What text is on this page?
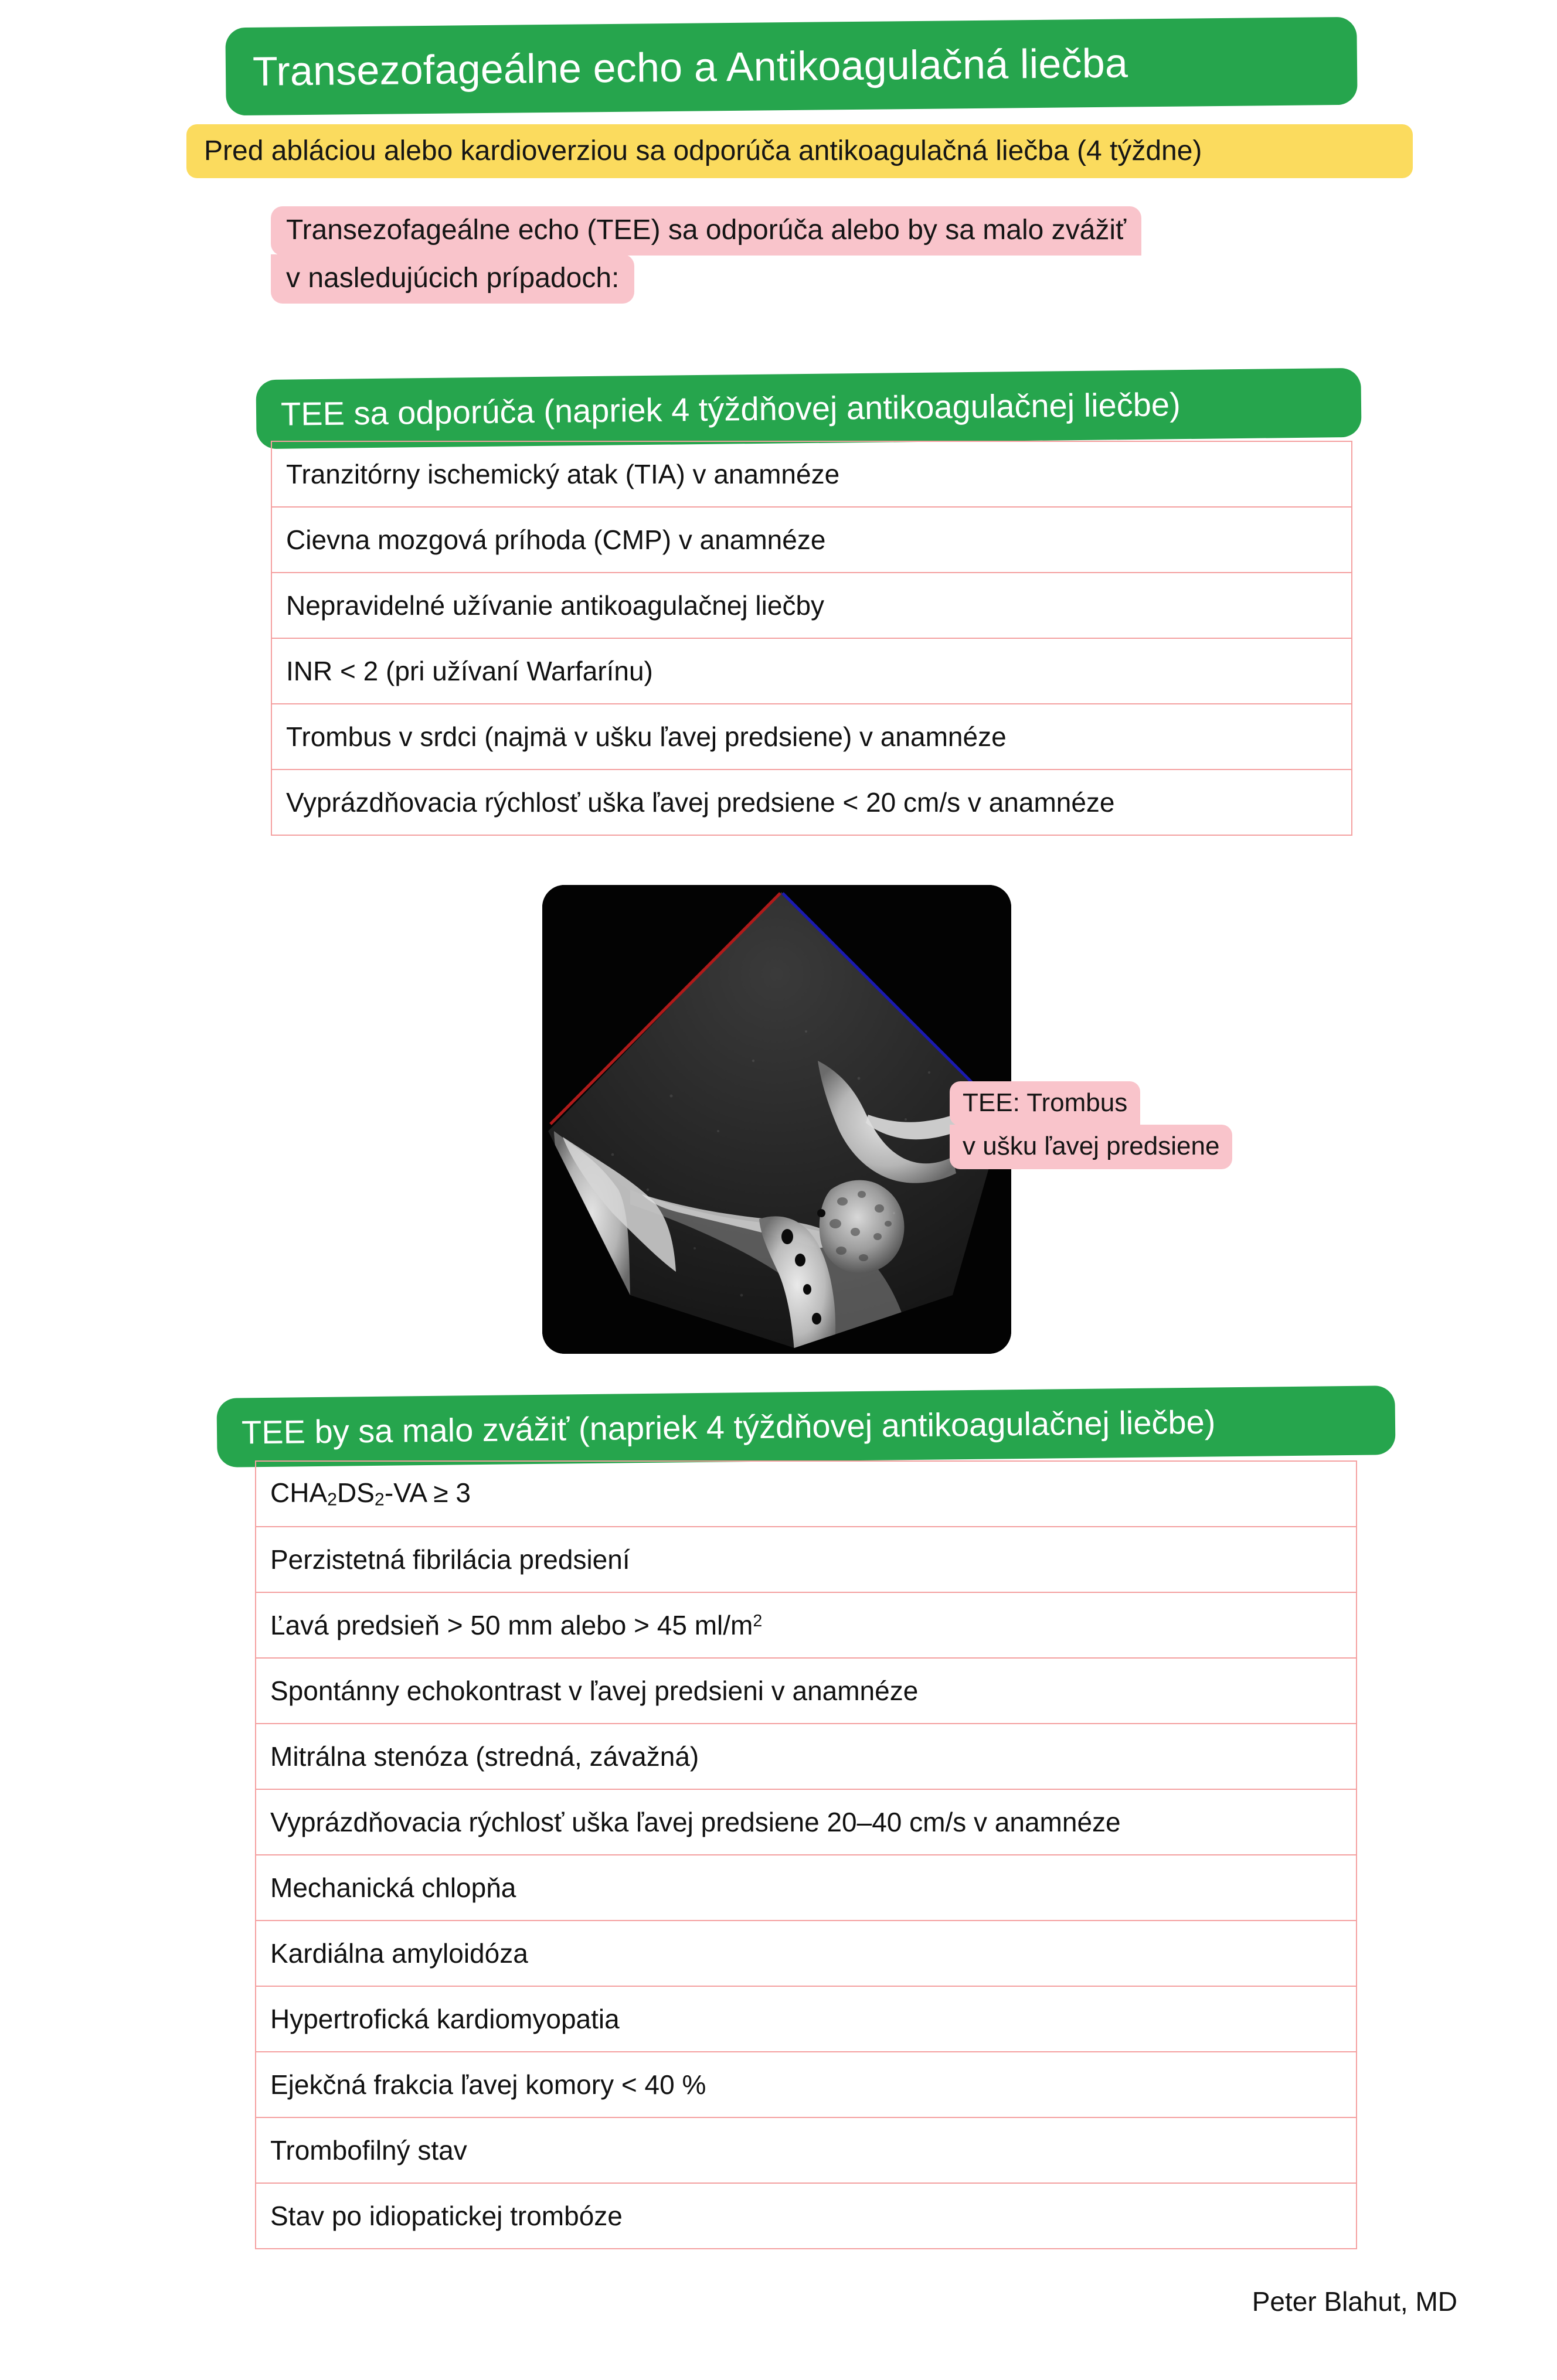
Transezofageálne echo a Antikoagulačná liečba
Pred abláciou alebo kardioverziou sa odporúča antikoagulačná liečba (4 týždne)
Transezofageálne echo (TEE) sa odporúča alebo by sa malo zvážiť
v nasledujúcich prípadoch:
TEE sa odporúča (napriek 4 týždňovej antikoagulačnej liečbe)
Tranzitórny ischemický atak (TIA) v anamnéze
Cievna mozgová príhoda (CMP) v anamnéze
Nepravidelné užívanie antikoagulačnej liečby
INR < 2 (pri užívaní Warfarínu)
Trombus v srdci (najmä v ušku ľavej predsiene) v anamnéze
Vyprázdňovacia rýchlosť uška ľavej predsiene < 20 cm/s v anamnéze
TEE: Trombus
v ušku ľavej predsiene
TEE by sa malo zvážiť (napriek 4 týždňovej antikoagulačnej liečbe)
$CHA_2DS_2-VA \ge 3$
Perzistetná fibrilácia predsiení
Ľavá predsieň > 50 mm alebo > 45 $ml/m^2$
Spontánny echokontrast v ľavej predsieni v anamnéze
Mitrálna stenóza (stredná, závažná)
Vyprázdňovacia rýchlosť uška ľavej predsiene 20–40 cm/s v anamnéze
Mechanická chlopňa
Kardiálna amyloidóza
Hypertrofická kardiomyopatia
Ejekčná frakcia ľavej komory < 40 %
Trombofilný stav
Stav po idiopatickej trombóze
Peter Blahut, MD
